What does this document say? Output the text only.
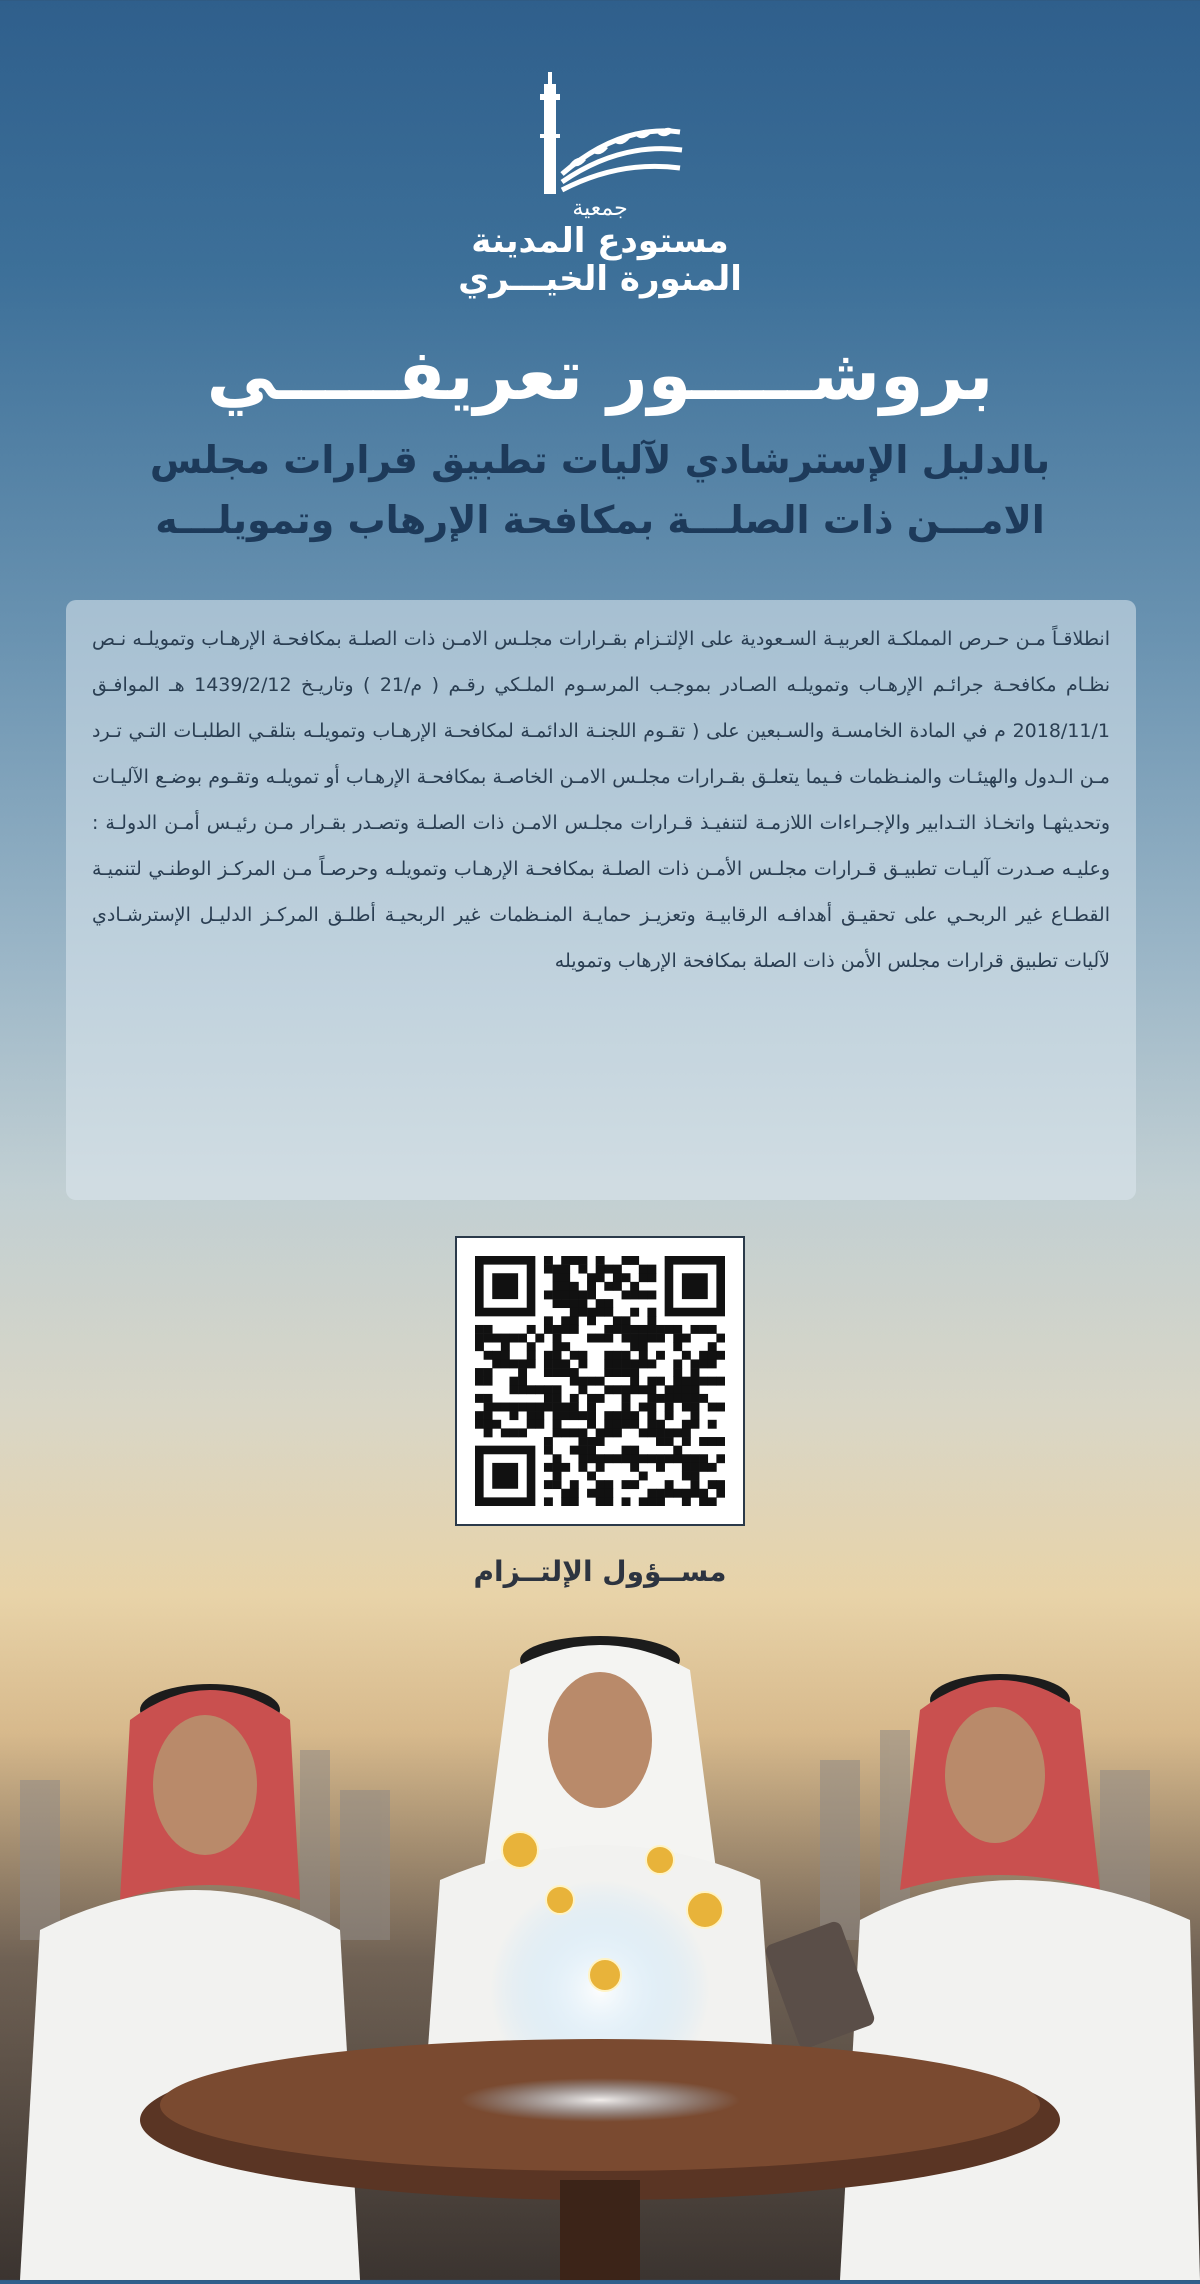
جمعية
مستودع المدينة
المنورة الخيـــري
بروشـــــور تعريفـــــي
بالدليل الإسترشادي لآليات تطبيق قرارات مجلس
الامـــن ذات الصلـــة بمكافحة الإرهاب وتمويلـــه

انطلاقـاً مـن حـرص المملكـة العربيـة السـعودية على الإلتـزام بقـرارات مجلـس الامـن ذات الصلـة بمكافحـة الإرهـاب وتمويلـه نـص نظـام مكافحـة جرائـم الإرهـاب وتمويلـه الصـادر بموجـب المرسـوم الملـكي رقـم ( م/21 ) وتاريـخ 1439/2/12 هـ الموافـق 2018/11/1 م في المادة الخامسـة والسـبعين على ( تقـوم اللجنـة الدائمـة لمكافحـة الإرهـاب وتمويلـه بتلقـي الطلبـات التـي تـرد مـن الـدول والهيئـات والمنـظمات فـيما يتعلـق بقـرارات مجلـس الامـن الخاصـة بمكافحـة الإرهـاب أو تمويلـه وتقـوم بوضـع الآليـات وتحديثهـا واتخـاذ التـدابير والإجـراءات اللازمـة لتنفيـذ قـرارات مجلـس الامـن ذات الصلـة وتصـدر بقـرار مـن رئيـس أمـن الدولـة : وعليـه صـدرت آليـات تطبيـق قـرارات مجلـس الأمـن ذات الصلـة بمكافحـة الإرهـاب وتمويلـه وحرصـاً مـن المركـز الوطنـي لتنميـة القطـاع غير الربحـي على تحقيـق أهدافـه الرقابيـة وتعزيـز حمايـة المنـظمات غير الربحيـة أطلـق المركـز الدليـل الإسترشـادي لآليات تطبيق قرارات مجلس الأمن ذات الصلة بمكافحة الإرهاب وتمويله

مســؤول الإلتــزام
